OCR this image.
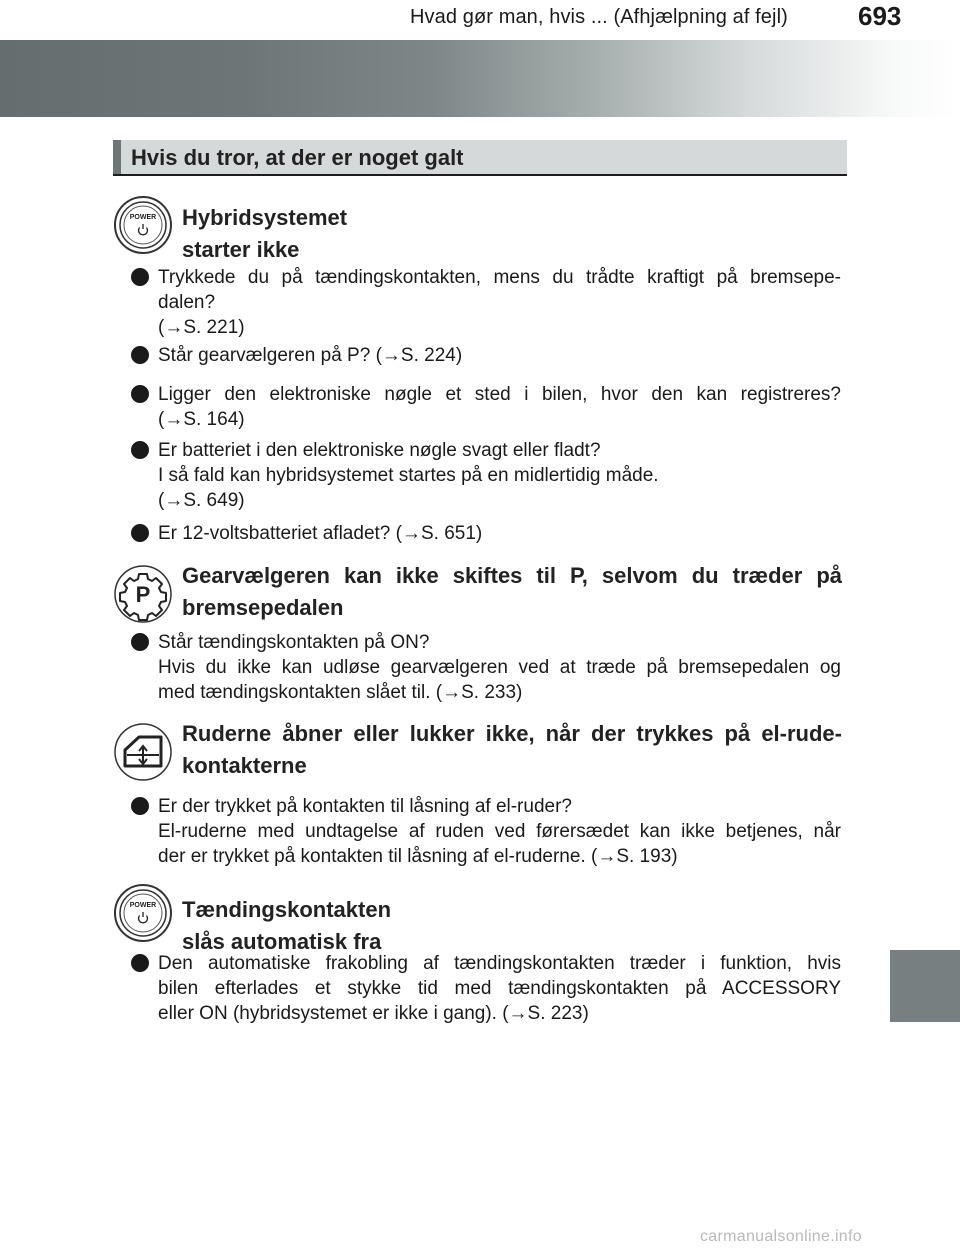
Hvad gør man, hvis ... (Afhjælpning af fejl)	693
Hvis du tror, at der er noget galt
POWER Hybridsystemet starter ikke
Trykkede du på tændingskontakten, mens du trådte kraftigt på bremsepe-
dalen?
(→S. 221)
Står gearvælgeren på P? (→S. 224)
Ligger den elektroniske nøgle et sted i bilen, hvor den kan registreres?
(→S. 164)
Er batteriet i den elektroniske nøgle svagt eller fladt?
I så fald kan hybridsystemet startes på en midlertidig måde.
(→S. 649)
Er 12-voltsbatteriet afladet? (→S. 651)
P
Gearvælgeren kan ikke skiftes til P, selvom du træder på
bremsepedalen
Står tændingskontakten på ON?
Hvis du ikke kan udløse gearvælgeren ved at træde på bremsepedalen og
med tændingskontakten slået til. (→S. 233)
Ruderne åbner eller lukker ikke, når der trykkes på el-rude-
kontakterne
Er der trykket på kontakten til låsning af el-ruder?
El-ruderne med undtagelse af ruden ved førersædet kan ikke betjenes, når
der er trykket på kontakten til låsning af el-ruderne. (→S. 193)
POWER Tændingskontakten slås automatisk fra
Den automatiske frakobling af tændingskontakten træder i funktion, hvis
bilen efterlades et stykke tid med tændingskontakten på ACCESSORY
eller ON (hybridsystemet er ikke i gang). (→S. 223)
carmanualsonline.info
